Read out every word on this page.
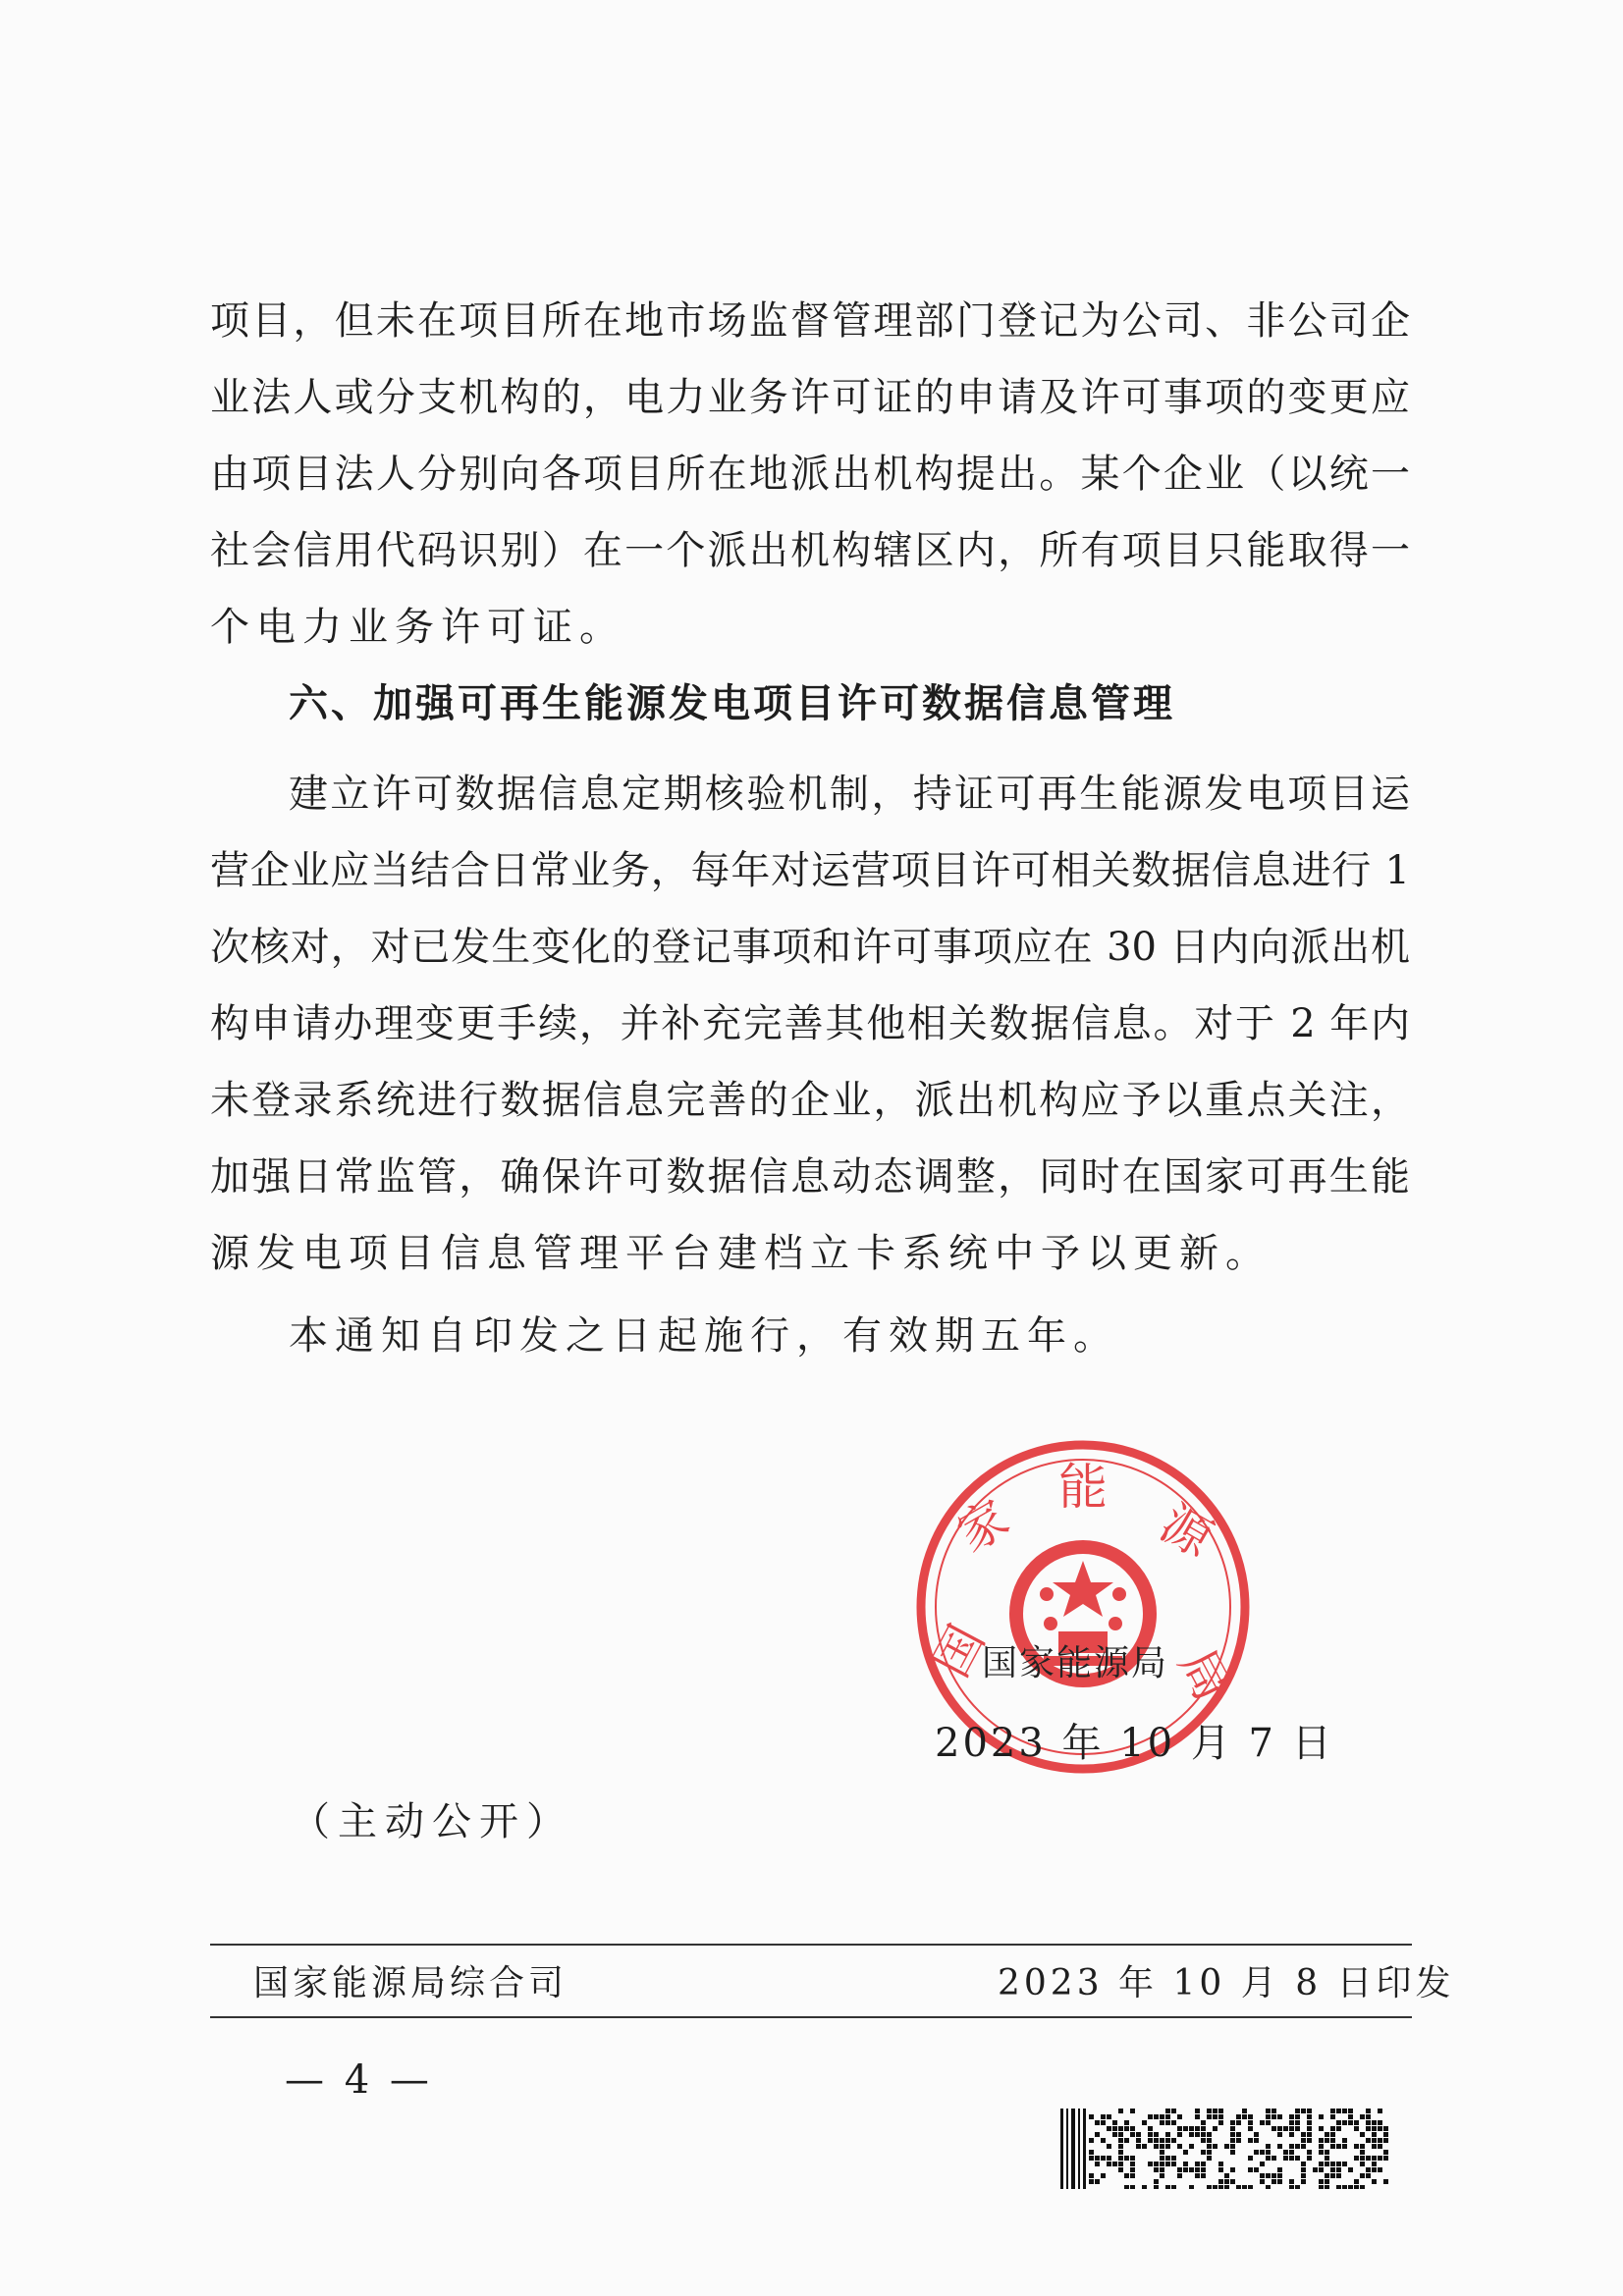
项目，但未在项目所在地市场监督管理部门登记为公司、非公司企
业法人或分支机构的，电力业务许可证的申请及许可事项的变更应
由项目法人分别向各项目所在地派出机构提出。某个企业（以统一
社会信用代码识别）在一个派出机构辖区内，所有项目只能取得一
个电力业务许可证。
六、加强可再生能源发电项目许可数据信息管理
建立许可数据信息定期核验机制，持证可再生能源发电项目运
营企业应当结合日常业务，每年对运营项目许可相关数据信息进行 1
次核对，对已发生变化的登记事项和许可事项应在 30 日内向派出机
构申请办理变更手续，并补充完善其他相关数据信息。对于 2 年内
未登录系统进行数据信息完善的企业，派出机构应予以重点关注，
加强日常监管，确保许可数据信息动态调整，同时在国家可再生能
源发电项目信息管理平台建档立卡系统中予以更新。
本通知自印发之日起施行，有效期五年。
国
家
能
源
局
国家能源局
2023 年 10 月 7 日
（主动公开）
国家能源局综合司	2023 年 10 月 8 日印发
— 4 —
